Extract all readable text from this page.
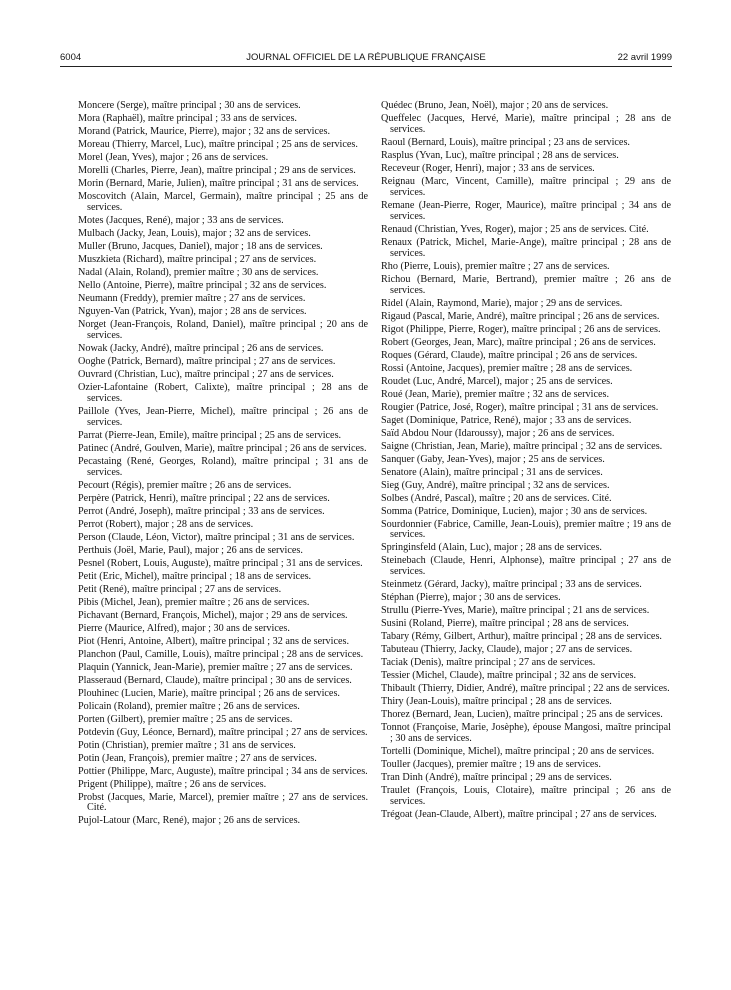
6004	JOURNAL OFFICIEL DE LA RÉPUBLIQUE FRANÇAISE	22 avril 1999

Moncere (Serge), maître principal ; 30 ans de services.

Mora (Raphaël), maître principal ; 33 ans de services.

Morand (Patrick, Maurice, Pierre), major ; 32 ans de services.

Moreau (Thierry, Marcel, Luc), maître principal ; 25 ans de services.

Morel (Jean, Yves), major ; 26 ans de services.

Morelli (Charles, Pierre, Jean), maître principal ; 29 ans de services.

Morin (Bernard, Marie, Julien), maître principal ; 31 ans de services.

Moscovitch (Alain, Marcel, Germain), maître principal ; 25 ans de services.

Motes (Jacques, René), major ; 33 ans de services.

Mulbach (Jacky, Jean, Louis), major ; 32 ans de services.

Muller (Bruno, Jacques, Daniel), major ; 18 ans de services.

Muszkieta (Richard), maître principal ; 27 ans de services.

Nadal (Alain, Roland), premier maître ; 30 ans de services.

Nello (Antoine, Pierre), maître principal ; 32 ans de services.

Neumann (Freddy), premier maître ; 27 ans de services.

Nguyen-Van (Patrick, Yvan), major ; 28 ans de services.

Norget (Jean-François, Roland, Daniel), maître principal ; 20 ans de services.

Nowak (Jacky, André), maître principal ; 26 ans de services.

Ooghe (Patrick, Bernard), maître principal ; 27 ans de services.

Ouvrard (Christian, Luc), maître principal ; 27 ans de services.

Ozier-Lafontaine (Robert, Calixte), maître principal ; 28 ans de services.

Paillole (Yves, Jean-Pierre, Michel), maître principal ; 26 ans de services.

Parrat (Pierre-Jean, Emile), maître principal ; 25 ans de services.

Patinec (André, Goulven, Marie), maître principal ; 26 ans de services.

Pecastaing (René, Georges, Roland), maître principal ; 31 ans de services.

Pecourt (Régis), premier maître ; 26 ans de services.

Perpère (Patrick, Henri), maître principal ; 22 ans de services.

Perrot (André, Joseph), maître principal ; 33 ans de services.

Perrot (Robert), major ; 28 ans de services.

Person (Claude, Léon, Victor), maître principal ; 31 ans de services.

Perthuis (Joël, Marie, Paul), major ; 26 ans de services.

Pesnel (Robert, Louis, Auguste), maître principal ; 31 ans de services.

Petit (Eric, Michel), maître principal ; 18 ans de services.

Petit (René), maître principal ; 27 ans de services.

Pibis (Michel, Jean), premier maître ; 26 ans de services.

Pichavant (Bernard, François, Michel), major ; 29 ans de services.

Pierre (Maurice, Alfred), major ; 30 ans de services.

Piot (Henri, Antoine, Albert), maître principal ; 32 ans de services.

Planchon (Paul, Camille, Louis), maître principal ; 28 ans de services.

Plaquin (Yannick, Jean-Marie), premier maître ; 27 ans de services.

Plasseraud (Bernard, Claude), maître principal ; 30 ans de services.

Plouhinec (Lucien, Marie), maître principal ; 26 ans de services.

Policain (Roland), premier maître ; 26 ans de services.

Porten (Gilbert), premier maître ; 25 ans de services.

Potdevin (Guy, Léonce, Bernard), maître principal ; 27 ans de services.

Potin (Christian), premier maître ; 31 ans de services.

Potin (Jean, François), premier maître ; 27 ans de services.

Pottier (Philippe, Marc, Auguste), maître principal ; 34 ans de services.

Prigent (Philippe), maître ; 26 ans de services.

Probst (Jacques, Marie, Marcel), premier maître ; 27 ans de services. Cité.

Pujol-Latour (Marc, René), major ; 26 ans de services.

Quédec (Bruno, Jean, Noël), major ; 20 ans de services.

Queffelec (Jacques, Hervé, Marie), maître principal ; 28 ans de services.

Raoul (Bernard, Louis), maître principal ; 23 ans de services.

Rasplus (Yvan, Luc), maître principal ; 28 ans de services.

Receveur (Roger, Henri), major ; 33 ans de services.

Reignau (Marc, Vincent, Camille), maître principal ; 29 ans de services.

Remane (Jean-Pierre, Roger, Maurice), maître principal ; 34 ans de services.

Renaud (Christian, Yves, Roger), major ; 25 ans de services. Cité.

Renaux (Patrick, Michel, Marie-Ange), maître principal ; 28 ans de services.

Rho (Pierre, Louis), premier maître ; 27 ans de services.

Richou (Bernard, Marie, Bertrand), premier maître ; 26 ans de services.

Ridel (Alain, Raymond, Marie), major ; 29 ans de services.

Rigaud (Pascal, Marie, André), maître principal ; 26 ans de services.

Rigot (Philippe, Pierre, Roger), maître principal ; 26 ans de services.

Robert (Georges, Jean, Marc), maître principal ; 26 ans de services.

Roques (Gérard, Claude), maître principal ; 26 ans de services.

Rossi (Antoine, Jacques), premier maître ; 28 ans de services.

Roudet (Luc, André, Marcel), major ; 25 ans de services.

Roué (Jean, Marie), premier maître ; 32 ans de services.

Rougier (Patrice, José, Roger), maître principal ; 31 ans de services.

Saget (Dominique, Patrice, René), major ; 33 ans de services.

Saïd Abdou Nour (Idaroussy), major ; 26 ans de services.

Saigne (Christian, Jean, Marie), maître principal ; 32 ans de services.

Sanquer (Gaby, Jean-Yves), major ; 25 ans de services.

Senatore (Alain), maître principal ; 31 ans de services.

Sieg (Guy, André), maître principal ; 32 ans de services.

Solbes (André, Pascal), maître ; 20 ans de services. Cité.

Somma (Patrice, Dominique, Lucien), major ; 30 ans de services.

Sourdonnier (Fabrice, Camille, Jean-Louis), premier maître ; 19 ans de services.

Springinsfeld (Alain, Luc), major ; 28 ans de services.

Steinebach (Claude, Henri, Alphonse), maître principal ; 27 ans de services.

Steinmetz (Gérard, Jacky), maître principal ; 33 ans de services.

Stéphan (Pierre), major ; 30 ans de services.

Strullu (Pierre-Yves, Marie), maître principal ; 21 ans de services.

Susini (Roland, Pierre), maître principal ; 28 ans de services.

Tabary (Rémy, Gilbert, Arthur), maître principal ; 28 ans de services.

Tabuteau (Thierry, Jacky, Claude), major ; 27 ans de services.

Taciak (Denis), maître principal ; 27 ans de services.

Tessier (Michel, Claude), maître principal ; 32 ans de services.

Thibault (Thierry, Didier, André), maître principal ; 22 ans de services.

Thiry (Jean-Louis), maître principal ; 28 ans de services.

Thorez (Bernard, Jean, Lucien), maître principal ; 25 ans de services.

Tonnot (Françoise, Marie, Josèphe), épouse Mangosi, maître principal ; 30 ans de services.

Tortelli (Dominique, Michel), maître principal ; 20 ans de services.

Touller (Jacques), premier maître ; 19 ans de services.

Tran Dinh (André), maître principal ; 29 ans de services.

Traulet (François, Louis, Clotaire), maître principal ; 26 ans de services.

Trégoat (Jean-Claude, Albert), maître principal ; 27 ans de services.
